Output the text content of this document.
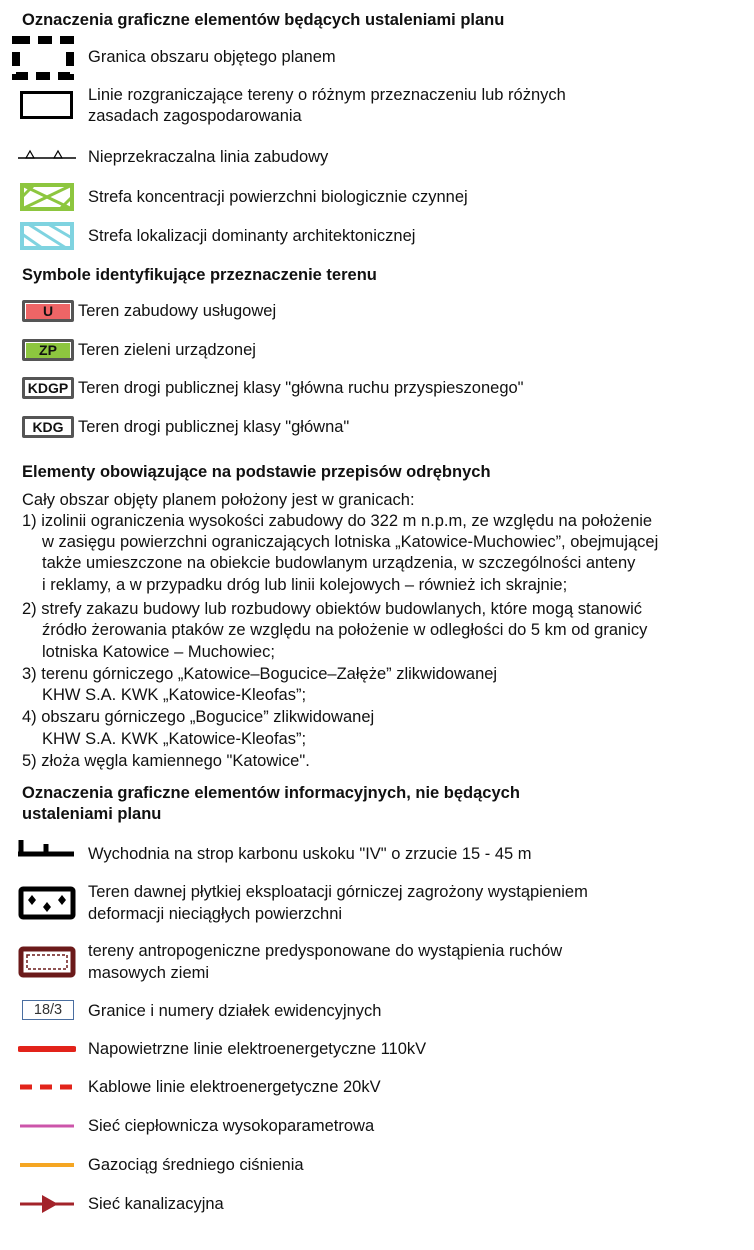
Oznaczenia graficzne elementów będących ustaleniami planu
Granica obszaru objętego planem
Linie rozgraniczające tereny o różnym przeznaczeniu lub różnych
zasadach zagospodarowania
Nieprzekraczalna linia zabudowy
Strefa koncentracji powierzchni biologicznie czynnej
Strefa lokalizacji dominanty architektonicznej
Symbole identyfikujące przeznaczenie terenu
U	Teren zabudowy usługowej
ZP	Teren zieleni urządzonej
KDGP Teren drogi publicznej klasy "główna ruchu przyspieszonego"
KDG Teren drogi publicznej klasy "główna"
Elementy obowiązujące na podstawie przepisów odrębnych
Cały obszar objęty planem położony jest w granicach:
1) izolinii ograniczenia wysokości zabudowy do 322 m n.p.m, ze względu na położenie
w zasięgu powierzchni ograniczających lotniska „Katowice-Muchowiec”, obejmującej
także umieszczone na obiekcie budowlanym urządzenia, w szczególności anteny
i reklamy, a w przypadku dróg lub linii kolejowych – również ich skrajnie;
2) strefy zakazu budowy lub rozbudowy obiektów budowlanych, które mogą stanowić
źródło żerowania ptaków ze względu na położenie w odległości do 5 km od granicy
lotniska Katowice – Muchowiec;
3) terenu górniczego „Katowice–Bogucice–Załęże” zlikwidowanej
KHW S.A. KWK „Katowice-Kleofas”;
4) obszaru górniczego „Bogucice” zlikwidowanej
KHW S.A. KWK „Katowice-Kleofas”;
5) złoża węgla kamiennego "Katowice".
Oznaczenia graficzne elementów informacyjnych, nie będących
ustaleniami planu
Wychodnia na strop karbonu uskoku "IV" o zrzucie 15 - 45 m
Teren dawnej płytkiej eksploatacji górniczej zagrożony wystąpieniem
deformacji nieciągłych powierzchni
tereny antropogeniczne predysponowane do wystąpienia ruchów
masowych ziemi
18/3	Granice i numery działek ewidencyjnych
Napowietrzne linie elektroenergetyczne 110kV
Kablowe linie elektroenergetyczne 20kV
Sieć ciepłownicza wysokoparametrowa
Gazociąg średniego ciśnienia
Sieć kanalizacyjna
